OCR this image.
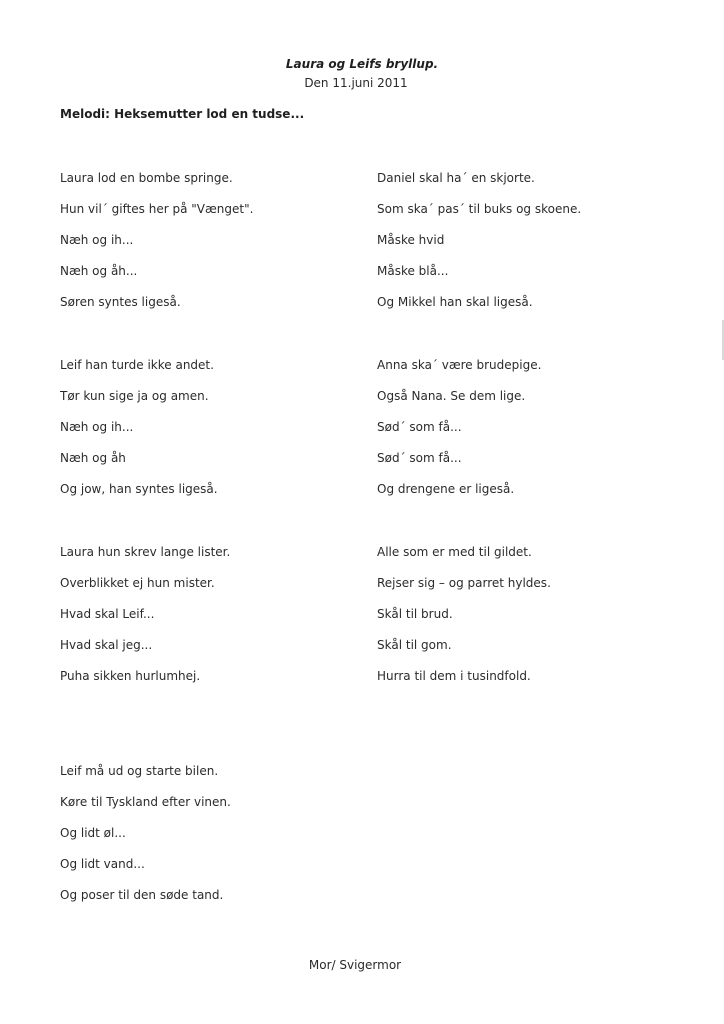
Laura og Leifs bryllup.
Den 11.juni 2011
Melodi: Heksemutter lod en tudse...
Laura lod en bombe springe.
Hun vil´ giftes her på "Vænget".
Næh og ih...
Næh og åh...
Søren syntes ligeså.
Daniel skal ha´ en skjorte.
Som ska´ pas´ til buks og skoene.
Måske hvid
Måske blå...
Og Mikkel han skal ligeså.
Leif han turde ikke andet.
Tør kun sige ja og amen.
Næh og ih...
Næh og åh
Og jow, han syntes ligeså.
Anna ska´ være brudepige.
Også Nana. Se dem lige.
Sød´ som få...
Sød´ som få...
Og drengene er ligeså.
Laura hun skrev lange lister.
Overblikket ej hun mister.
Hvad skal Leif...
Hvad skal jeg...
Puha sikken hurlumhej.
Alle som er med til gildet.
Rejser sig – og parret hyldes.
Skål til brud.
Skål til gom.
Hurra til dem i tusindfold.
Leif må ud og starte bilen.
Køre til Tyskland efter vinen.
Og lidt øl...
Og lidt vand...
Og poser til den søde tand.
Mor/ Svigermor
